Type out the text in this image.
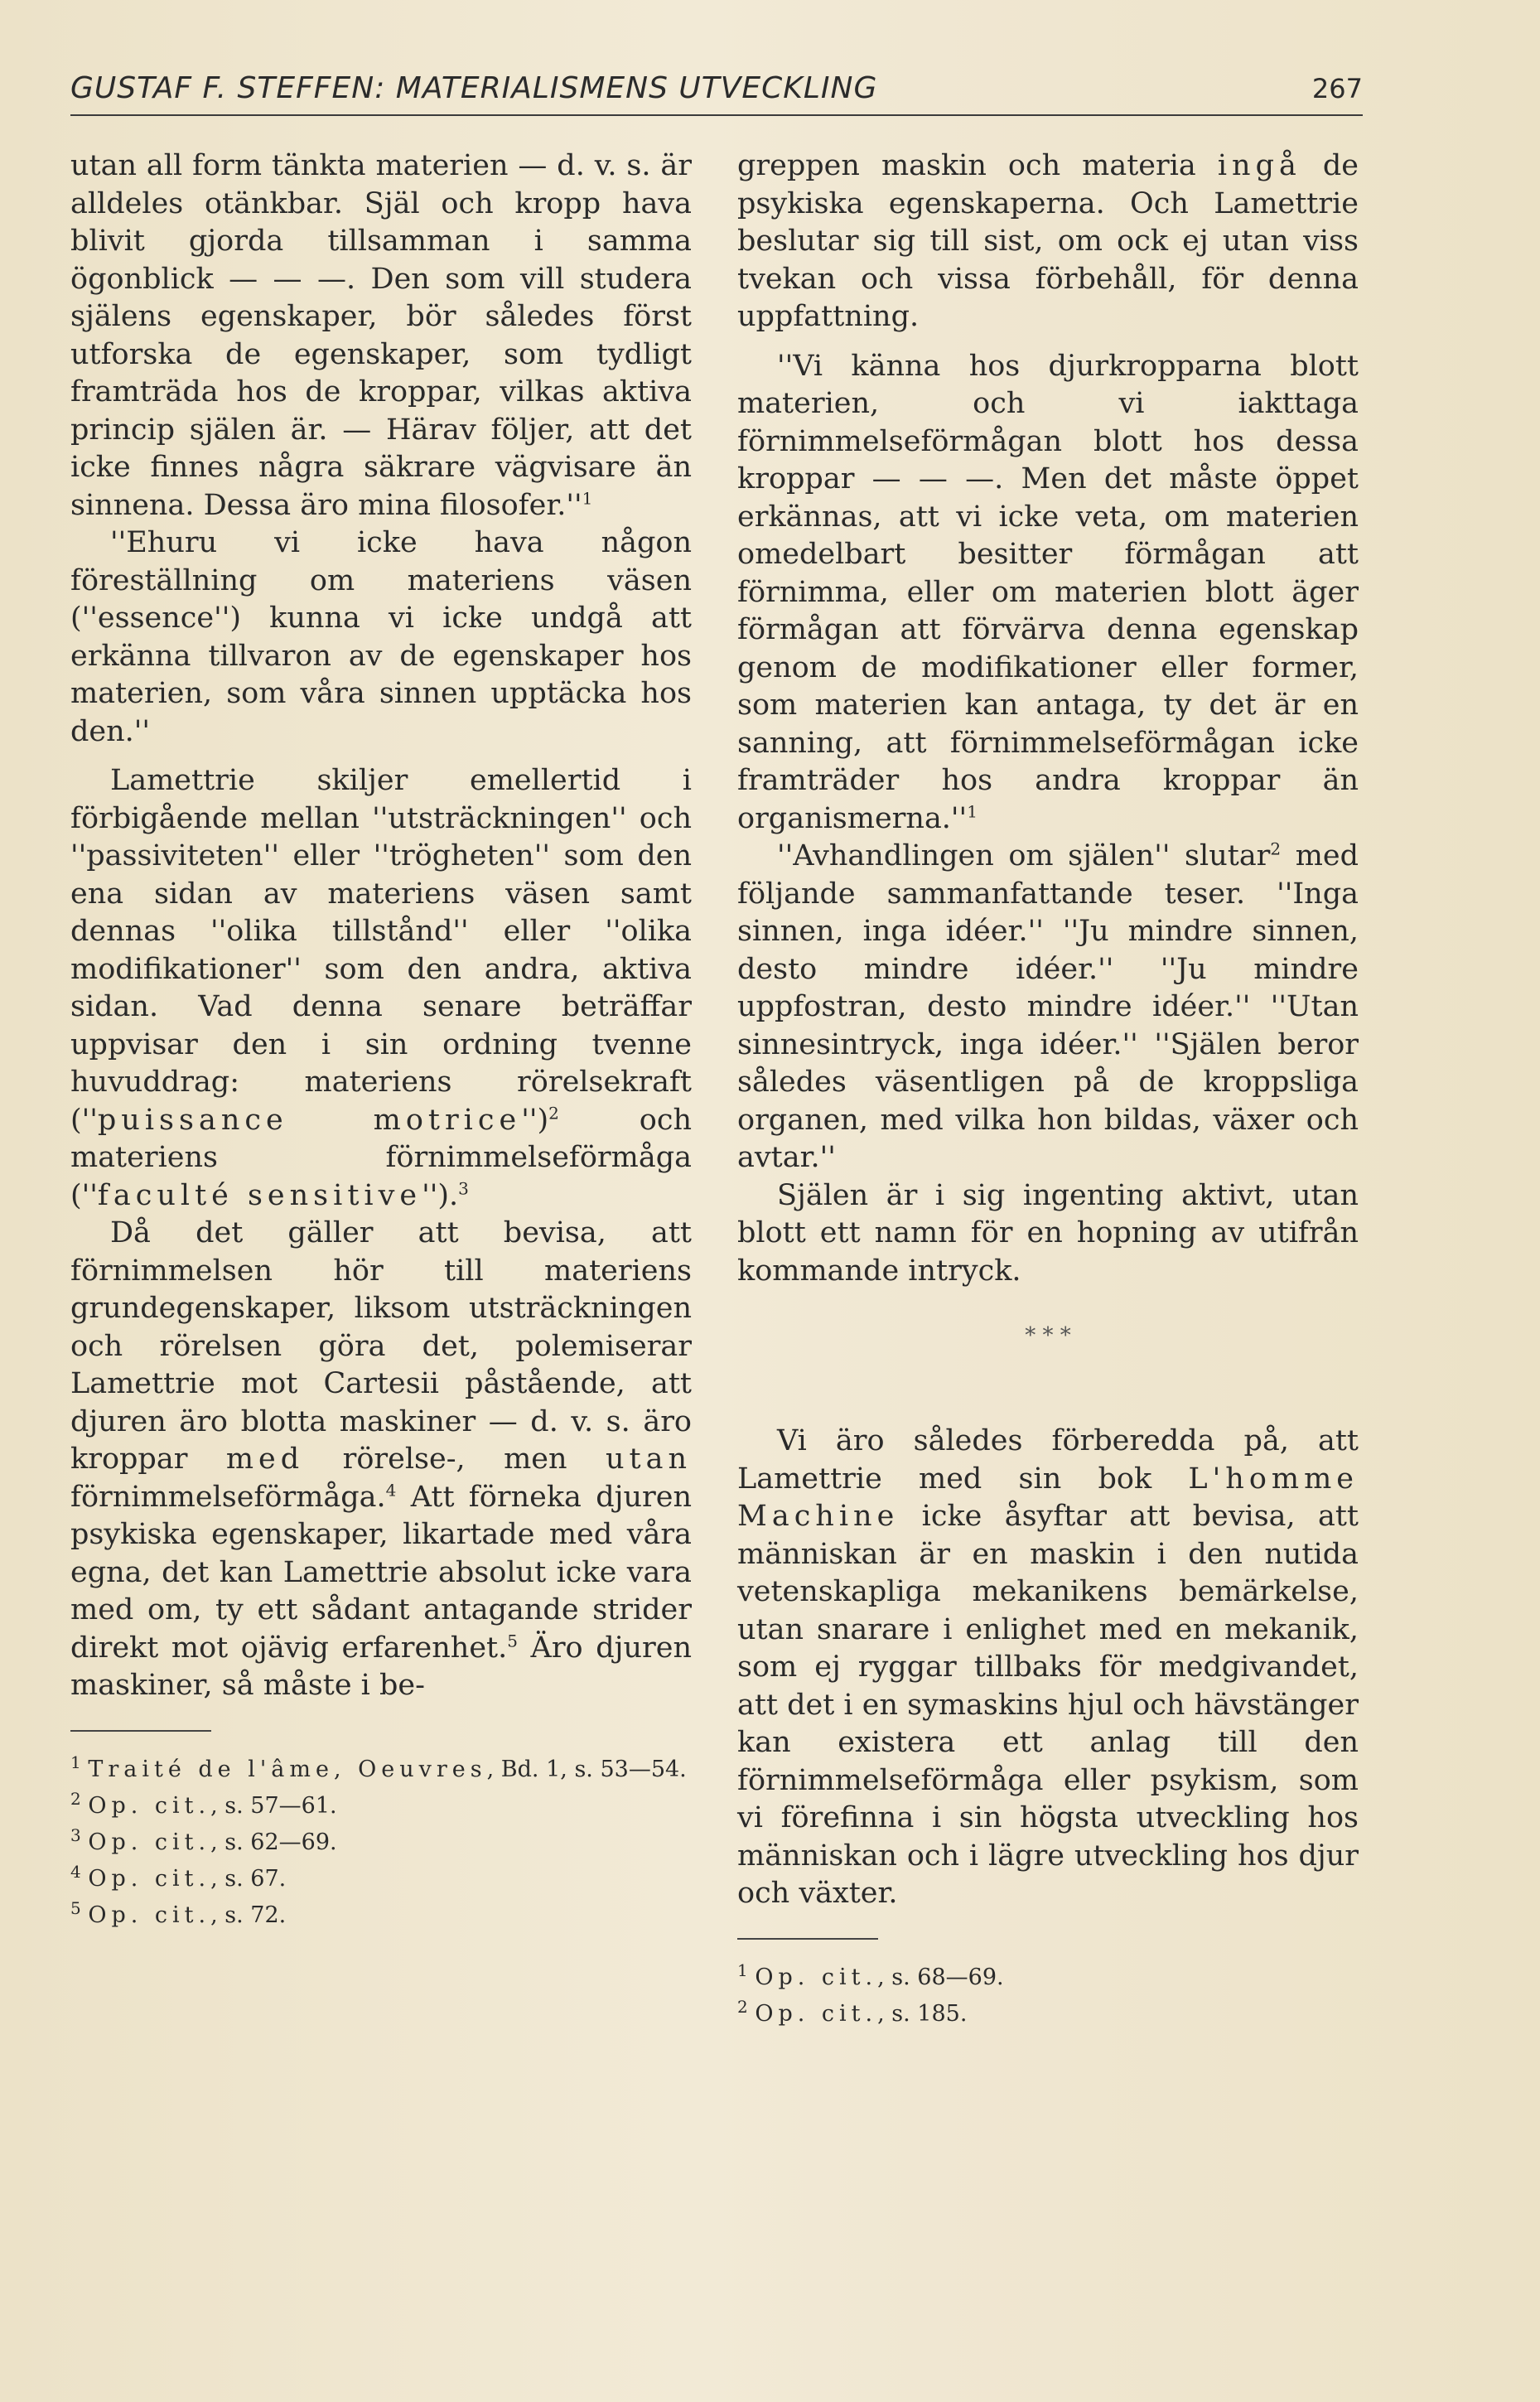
GUSTAF F. STEFFEN: MATERIALISMENS UTVECKLING	267

utan all form tänkta materien — d. v. s. är alldeles otänkbar. Själ och kropp hava blivit gjorda tillsamman i samma ögonblick — — —. Den som vill studera själens egenskaper, bör således först utforska de egenskaper, som tydligt framträda hos de kroppar, vilkas aktiva princip själen är. — Härav följer, att det icke finnes några säkrare vägvisare än sinnena. Dessa äro mina $filosofer.''^1$

''Ehuru vi icke hava någon föreställning om materiens väsen (''essence'') kunna vi icke undgå att erkänna tillvaron av de egenskaper hos materien, som våra sinnen upptäcka hos den.''

Lamettrie skiljer emellertid i förbigående mellan ''utsträckningen'' och ''passiviteten'' eller ''trögheten'' som den ena sidan av materiens väsen samt dennas ''olika tillstånd'' eller ''olika modifikationer'' som den andra, aktiva sidan. Vad denna senare beträffar uppvisar den i sin ordning tvenne huvuddrag: materiens rörelsekraft (''puissance motrice'')$^2$ och materiens förnimmelseförmåga (''faculté sensitive'').$^3$

Då det gäller att bevisa, att förnimmelsen hör till materiens grundegenskaper, liksom utsträckningen och rörelsen göra det, polemiserar Lamettrie mot Cartesii påstående, att djuren äro blotta maskiner — d. v. s. äro kroppar med rörelse-, men utan förnimmelseförmåga.$^4$ Att förneka djuren psykiska egenskaper, likartade med våra egna, det kan Lamettrie absolut icke vara med om, ty ett sådant antagande strider direkt mot ojävig erfarenhet.$^5$ Äro djuren maskiner, så måste i be-

$^1$ Traité de l'âme, Oeuvres, Bd. 1, s. 53—54.
$^2$ Op. cit., s. 57—61.
$^3$ Op. cit., s. 62—69.
$^4$ Op. cit., s. 67.
$^5$ Op. cit., s. 72.

greppen maskin och materia ingå de psykiska egenskaperna. Och Lamettrie beslutar sig till sist, om ock ej utan viss tvekan och vissa förbehåll, för denna uppfattning.

''Vi känna hos djurkropparna blott materien, och vi iakttaga förnimmelseförmågan blott hos dessa kroppar — — —. Men det måste öppet erkännas, att vi icke veta, om materien omedelbart besitter förmågan att förnimma, eller om materien blott äger förmågan att förvärva denna egenskap genom de modifikationer eller former, som materien kan antaga, ty det är en sanning, att förnimmelseförmågan icke framträder hos andra kroppar än $organismerna.''^1$

''Avhandlingen om själen'' slutar$^2$ med följande sammanfattande teser. ''Inga sinnen, inga idéer.'' ''Ju mindre sinnen, desto mindre idéer.'' ''Ju mindre uppfostran, desto mindre idéer.'' ''Utan sinnesintryck, inga idéer.'' ''Själen beror således väsentligen på de kroppsliga organen, med vilka hon bildas, växer och avtar.''

Själen är i sig ingenting aktivt, utan blott ett namn för en hopning av utifrån kommande intryck.

* * *

Vi äro således förberedda på, att Lamettrie med sin bok L'homme Machine icke åsyftar att bevisa, att människan är en maskin i den nutida vetenskapliga mekanikens bemärkelse, utan snarare i enlighet med en mekanik, som ej ryggar tillbaks för medgivandet, att det i en symaskins hjul och hävstänger kan existera ett anlag till den förnimmelseförmåga eller psykism, som vi förefinna i sin högsta utveckling hos människan och i lägre utveckling hos djur och växter.

$^1$ Op. cit., s. 68—69.
$^2$ Op. cit., s. 185.
